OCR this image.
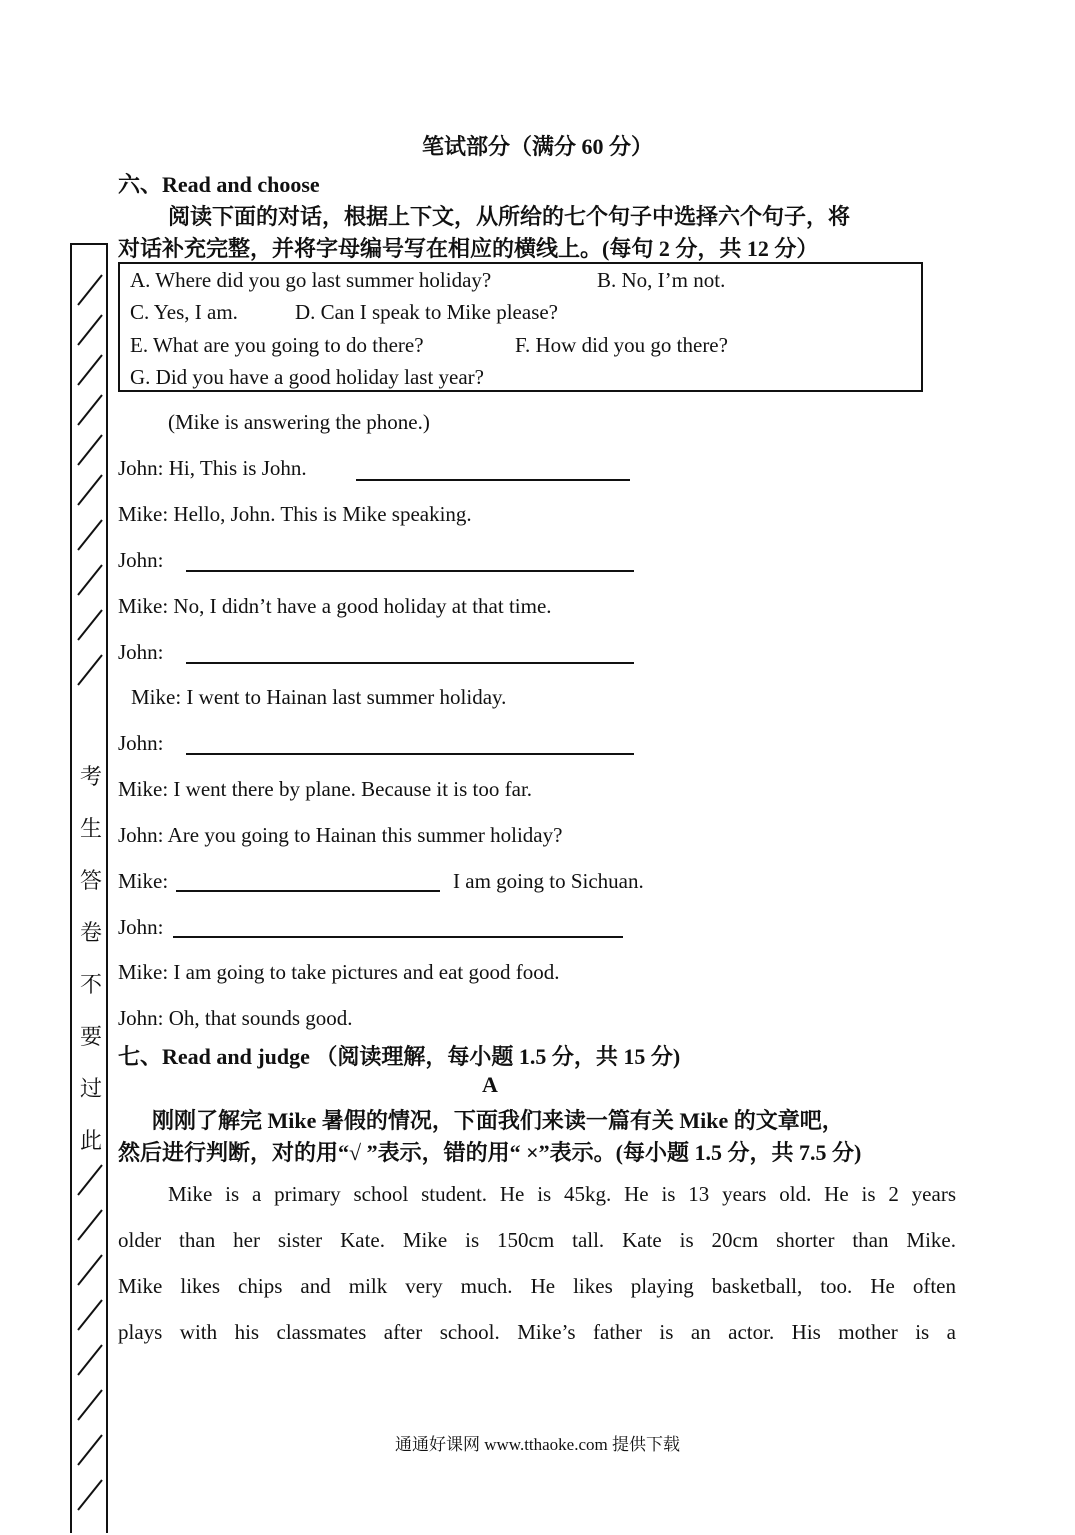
笔试部分（满分 60 分）
六、Read and choose
阅读下面的对话，根据上下文，从所给的七个句子中选择六个句子，将
对话补充完整，并将字母编号写在相应的横线上。(每句 2 分，共 12 分）
A. Where did you go last summer holiday?	B. No, I’m not.
C. Yes, I am.	D. Can I speak to Mike please?
E. What are you going to do there?	F. How did you go there?
G. Did you have a good holiday last year?
(Mike is answering the phone.)
John: Hi, This is John.
Mike: Hello, John. This is Mike speaking.
John:
Mike: No, I didn’t have a good holiday at that time.
John:
Mike: I went to Hainan last summer holiday.
John:
Mike: I went there by plane. Because it is too far.
John: Are you going to Hainan this summer holiday?
Mike:	I am going to Sichuan.
John:
Mike: I am going to take pictures and eat good food.
John: Oh, that sounds good.
七、Read and judge （阅读理解，每小题 1.5 分，共 15 分)
A
刚刚了解完 Mike 暑假的情况，下面我们来读一篇有关 Mike 的文章吧，
然后进行判断，对的用“√ ”表示，错的用“ ×”表示。(每小题 1.5 分，共 7.5 分)
Mike is a primary school student. He is 45kg. He is 13 years old. He is 2 years
older than her sister Kate. Mike is 150cm tall. Kate is 20cm shorter than Mike.
Mike likes chips and milk very much. He likes playing basketball, too. He often
plays with his classmates after school. Mike’s father is an actor. His mother is a
考
生
答
卷
不
要
过
此
通通好课网 www.tthaoke.com 提供下载
